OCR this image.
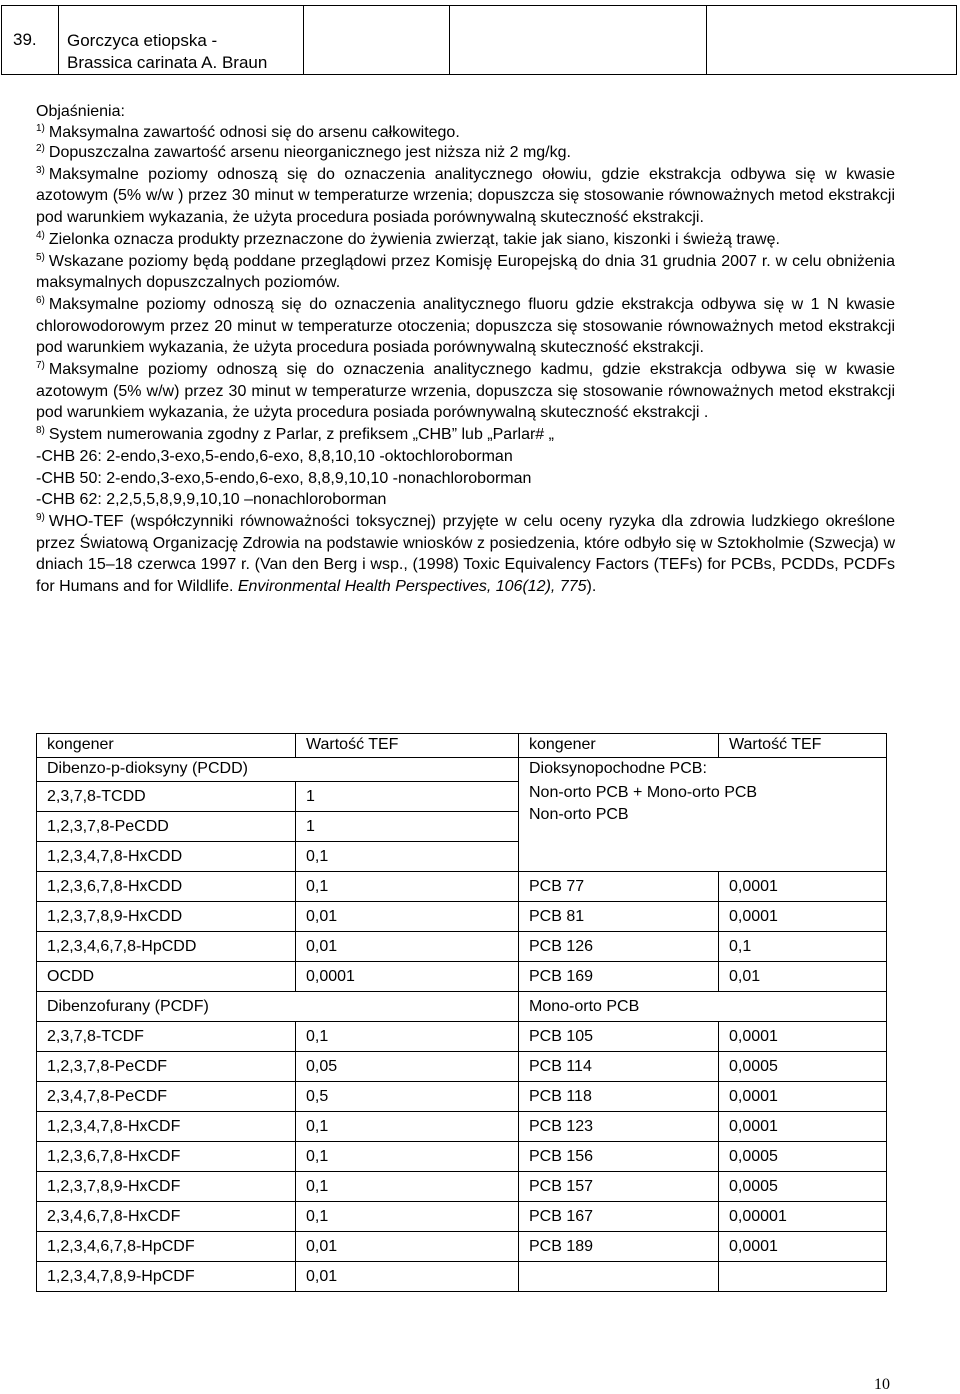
39.	Gorczyca etiopska -
Brassica carinata A. Braun

Objaśnienia:

$^{1)}$ Maksymalna zawartość odnosi się do arsenu całkowitego.

$^{2)}$ Dopuszczalna zawartość arsenu nieorganicznego jest niższa niż 2 mg/kg.

$^{3)}$ Maksymalne poziomy odnoszą się do oznaczenia analitycznego ołowiu, gdzie ekstrakcja odbywa się w kwasie azotowym (5% w/w ) przez 30 minut w temperaturze wrzenia; dopuszcza się stosowanie równoważnych metod ekstrakcji pod warunkiem wykazania, że użyta procedura posiada porównywalną skuteczność ekstrakcji.

$^{4)}$ Zielonka oznacza produkty przeznaczone do żywienia zwierząt, takie jak siano, kiszonki i świeżą trawę.

$^{5)}$ Wskazane poziomy będą poddane przeglądowi przez Komisję Europejską do dnia 31 grudnia 2007 r. w celu obniżenia maksymalnych dopuszczalnych poziomów.

$^{6)}$ Maksymalne poziomy odnoszą się do oznaczenia analitycznego fluoru gdzie ekstrakcja odbywa się w 1 N kwasie chlorowodorowym przez 20 minut w temperaturze otoczenia; dopuszcza się stosowanie równoważnych metod ekstrakcji pod warunkiem wykazania, że użyta procedura posiada porównywalną skuteczność ekstrakcji.

$^{7)}$ Maksymalne poziomy odnoszą się do oznaczenia analitycznego kadmu, gdzie ekstrakcja odbywa się w kwasie azotowym (5% w/w) przez 30 minut w temperaturze wrzenia, dopuszcza się stosowanie równoważnych metod ekstrakcji pod warunkiem wykazania, że użyta procedura posiada porównywalną skuteczność ekstrakcji .

$^{8)}$ System numerowania zgodny z Parlar, z prefiksem „CHB” lub „Parlar# „

-CHB 26: 2-endo,3-exo,5-endo,6-exo, 8,8,10,10 -oktochloroborman

-CHB 50: 2-endo,3-exo,5-endo,6-exo, 8,8,9,10,10 -nonachloroborman

-CHB 62: 2,2,5,5,8,9,9,10,10 –nonachloroborman

$^{9)}$ WHO-TEF (współczynniki równoważności toksycznej) przyjęte w celu oceny ryzyka dla zdrowia ludzkiego określone przez Światową Organizację Zdrowia na podstawie wniosków z posiedzenia, które odbyło się w Sztokholmie (Szwecja) w dniach 15–18 czerwca 1997 r. (Van den Berg i wsp., (1998) Toxic Equivalency Factors (TEFs) for PCBs, PCDDs, PCDFs for Humans and for Wildlife. Environmental Health Perspectives, 106(12), 775).

kongener	Wartość TEF	kongener	Wartość TEF
Dibenzo-p-dioksyny (PCDD)		Dioksynopochodne PCB:	
2,3,7,8-TCDD	1	Non-orto PCB + Mono-orto PCB
Non-orto PCB	

1,2,3,7,8-PeCDD	1		
1,2,3,4,7,8-HxCDD	0,1		
1,2,3,6,7,8-HxCDD	0,1	PCB 77	0,0001
1,2,3,7,8,9-HxCDD	0,01	PCB 81	0,0001
1,2,3,4,6,7,8-HpCDD	0,01	PCB 126	0,1
OCDD	0,0001	PCB 169	0,01
Dibenzofurany (PCDF)		Mono-orto PCB	
2,3,7,8-TCDF	0,1	PCB 105	0,0001
1,2,3,7,8-PeCDF	0,05	PCB 114	0,0005
2,3,4,7,8-PeCDF	0,5	PCB 118	0,0001
1,2,3,4,7,8-HxCDF	0,1	PCB 123	0,0001
1,2,3,6,7,8-HxCDF	0,1	PCB 156	0,0005
1,2,3,7,8,9-HxCDF	0,1	PCB 157	0,0005
2,3,4,6,7,8-HxCDF	0,1	PCB 167	0,00001
1,2,3,4,6,7,8-HpCDF	0,01	PCB 189	0,0001
1,2,3,4,7,8,9-HpCDF	0,01		
10
